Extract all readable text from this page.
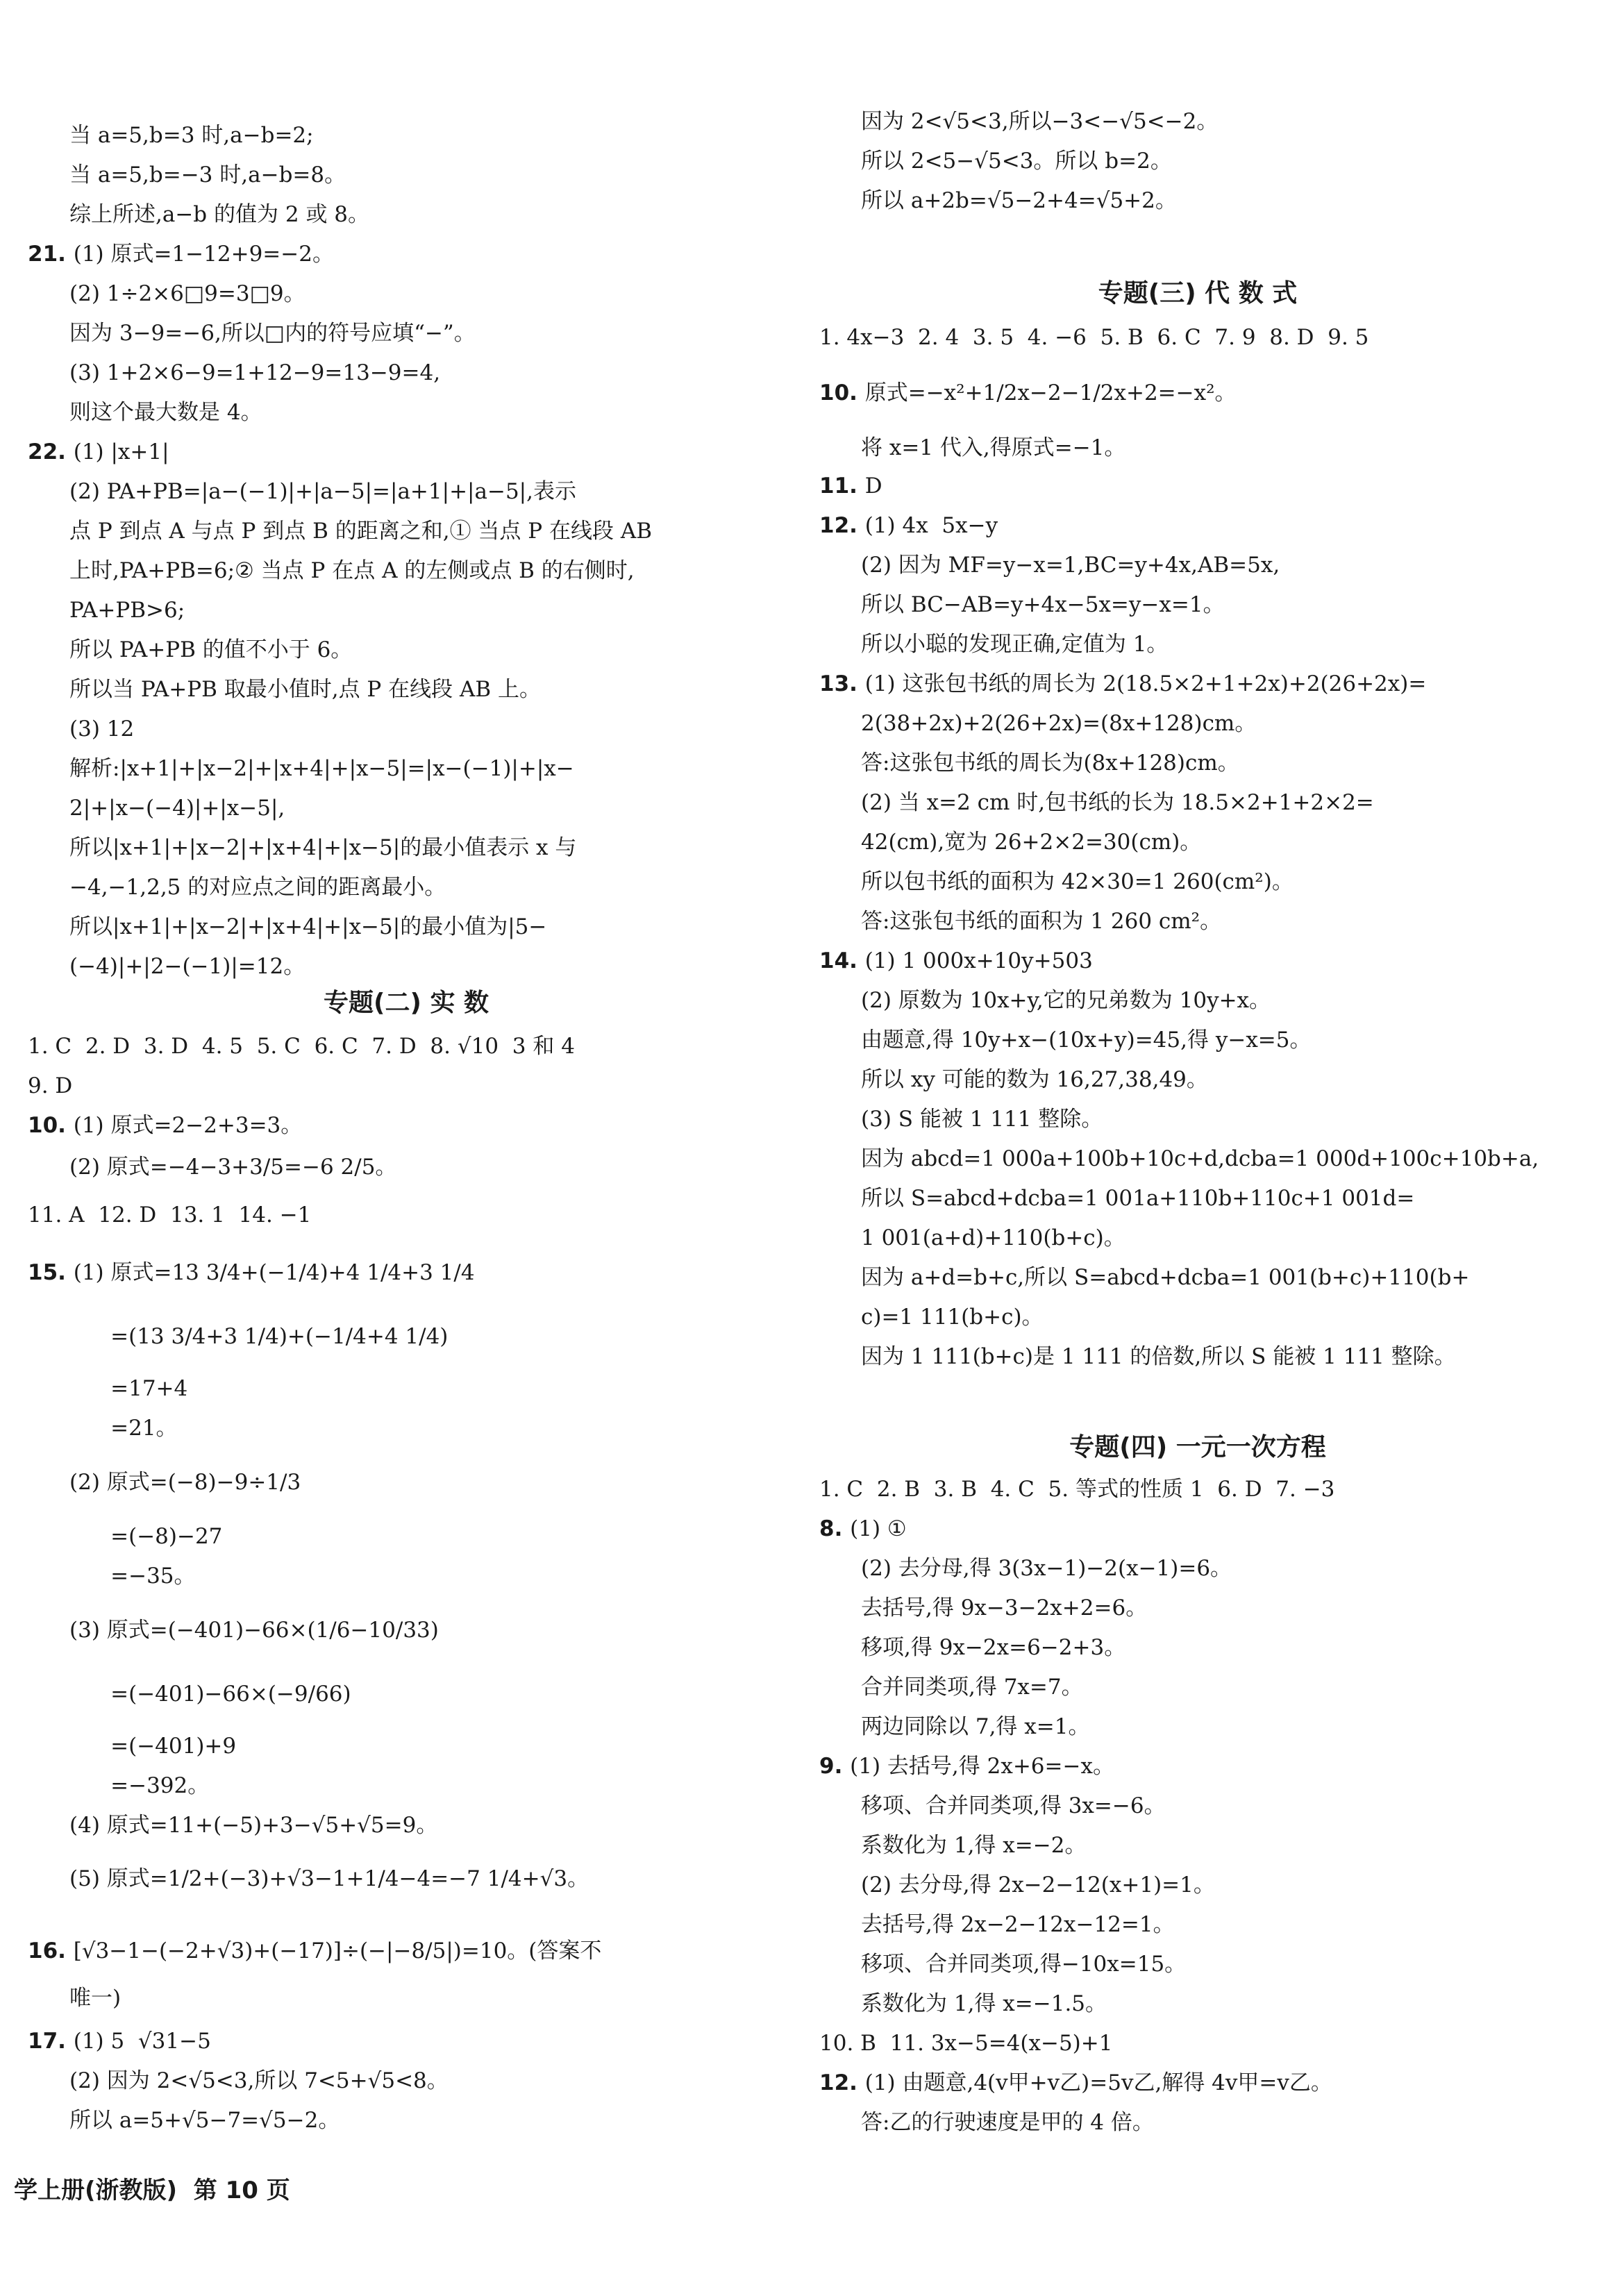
当 a=5,b=3 时,a−b=2;
当 a=5,b=−3 时,a−b=8。
综上所述,a−b 的值为 2 或 8。
21. (1) 原式=1−12+9=−2。
(2) 1÷2×6□9=3□9。
因为 3−9=−6,所以□内的符号应填“−”。
(3) 1+2×6−9=1+12−9=13−9=4,
则这个最大数是 4。
22. (1) |x+1|
(2) PA+PB=|a−(−1)|+|a−5|=|a+1|+|a−5|,表示
点 P 到点 A 与点 P 到点 B 的距离之和,① 当点 P 在线段 AB
上时,PA+PB=6;② 当点 P 在点 A 的左侧或点 B 的右侧时,
PA+PB>6;
所以 PA+PB 的值不小于 6。
所以当 PA+PB 取最小值时,点 P 在线段 AB 上。
(3) 12
解析:|x+1|+|x−2|+|x+4|+|x−5|=|x−(−1)|+|x−
2|+|x−(−4)|+|x−5|,
所以|x+1|+|x−2|+|x+4|+|x−5|的最小值表示 x 与
−4,−1,2,5 的对应点之间的距离最小。
所以|x+1|+|x−2|+|x+4|+|x−5|的最小值为|5−
(−4)|+|2−(−1)|=12。
专题(二) 实 数
1. C  2. D  3. D  4. 5  5. C  6. C  7. D  8. √10  3 和 4
9. D
10. (1) 原式=2−2+3=3。
(2) 原式=−4−3+3/5=−6 2/5。
11. A  12. D  13. 1  14. −1
15. (1) 原式=13 3/4+(−1/4)+4 1/4+3 1/4
=(13 3/4+3 1/4)+(−1/4+4 1/4)
=17+4
=21。
(2) 原式=(−8)−9÷1/3
=(−8)−27
=−35。
(3) 原式=(−401)−66×(1/6−10/33)
=(−401)−66×(−9/66)
=(−401)+9
=−392。
(4) 原式=11+(−5)+3−√5+√5=9。
(5) 原式=1/2+(−3)+√3−1+1/4−4=−7 1/4+√3。
16. [√3−1−(−2+√3)+(−17)]÷(−|−8/5|)=10。(答案不
唯一)
17. (1) 5  √31−5
(2) 因为 2<√5<3,所以 7<5+√5<8。
所以 a=5+√5−7=√5−2。
因为 2<√5<3,所以−3<−√5<−2。
所以 2<5−√5<3。所以 b=2。
所以 a+2b=√5−2+4=√5+2。
专题(三) 代 数 式
1. 4x−3  2. 4  3. 5  4. −6  5. B  6. C  7. 9  8. D  9. 5
10. 原式=−x²+1/2x−2−1/2x+2=−x²。
将 x=1 代入,得原式=−1。
11. D
12. (1) 4x  5x−y
(2) 因为 MF=y−x=1,BC=y+4x,AB=5x,
所以 BC−AB=y+4x−5x=y−x=1。
所以小聪的发现正确,定值为 1。
13. (1) 这张包书纸的周长为 2(18.5×2+1+2x)+2(26+2x)=
2(38+2x)+2(26+2x)=(8x+128)cm。
答:这张包书纸的周长为(8x+128)cm。
(2) 当 x=2 cm 时,包书纸的长为 18.5×2+1+2×2=
42(cm),宽为 26+2×2=30(cm)。
所以包书纸的面积为 42×30=1 260(cm²)。
答:这张包书纸的面积为 1 260 cm²。
14. (1) 1 000x+10y+503
(2) 原数为 10x+y,它的兄弟数为 10y+x。
由题意,得 10y+x−(10x+y)=45,得 y−x=5。
所以 xy 可能的数为 16,27,38,49。
(3) S 能被 1 111 整除。
因为 abcd=1 000a+100b+10c+d,dcba=1 000d+100c+10b+a,
所以 S=abcd+dcba=1 001a+110b+110c+1 001d=
1 001(a+d)+110(b+c)。
因为 a+d=b+c,所以 S=abcd+dcba=1 001(b+c)+110(b+
c)=1 111(b+c)。
因为 1 111(b+c)是 1 111 的倍数,所以 S 能被 1 111 整除。
专题(四) 一元一次方程
1. C  2. B  3. B  4. C  5. 等式的性质 1  6. D  7. −3
8. (1) ①
(2) 去分母,得 3(3x−1)−2(x−1)=6。
去括号,得 9x−3−2x+2=6。
移项,得 9x−2x=6−2+3。
合并同类项,得 7x=7。
两边同除以 7,得 x=1。
9. (1) 去括号,得 2x+6=−x。
移项、合并同类项,得 3x=−6。
系数化为 1,得 x=−2。
(2) 去分母,得 2x−2−12(x+1)=1。
去括号,得 2x−2−12x−12=1。
移项、合并同类项,得−10x=15。
系数化为 1,得 x=−1.5。
10. B  11. 3x−5=4(x−5)+1
12. (1) 由题意,4(v甲+v乙)=5v乙,解得 4v甲=v乙。
答:乙的行驶速度是甲的 4 倍。
学上册(浙教版)  第 10 页
